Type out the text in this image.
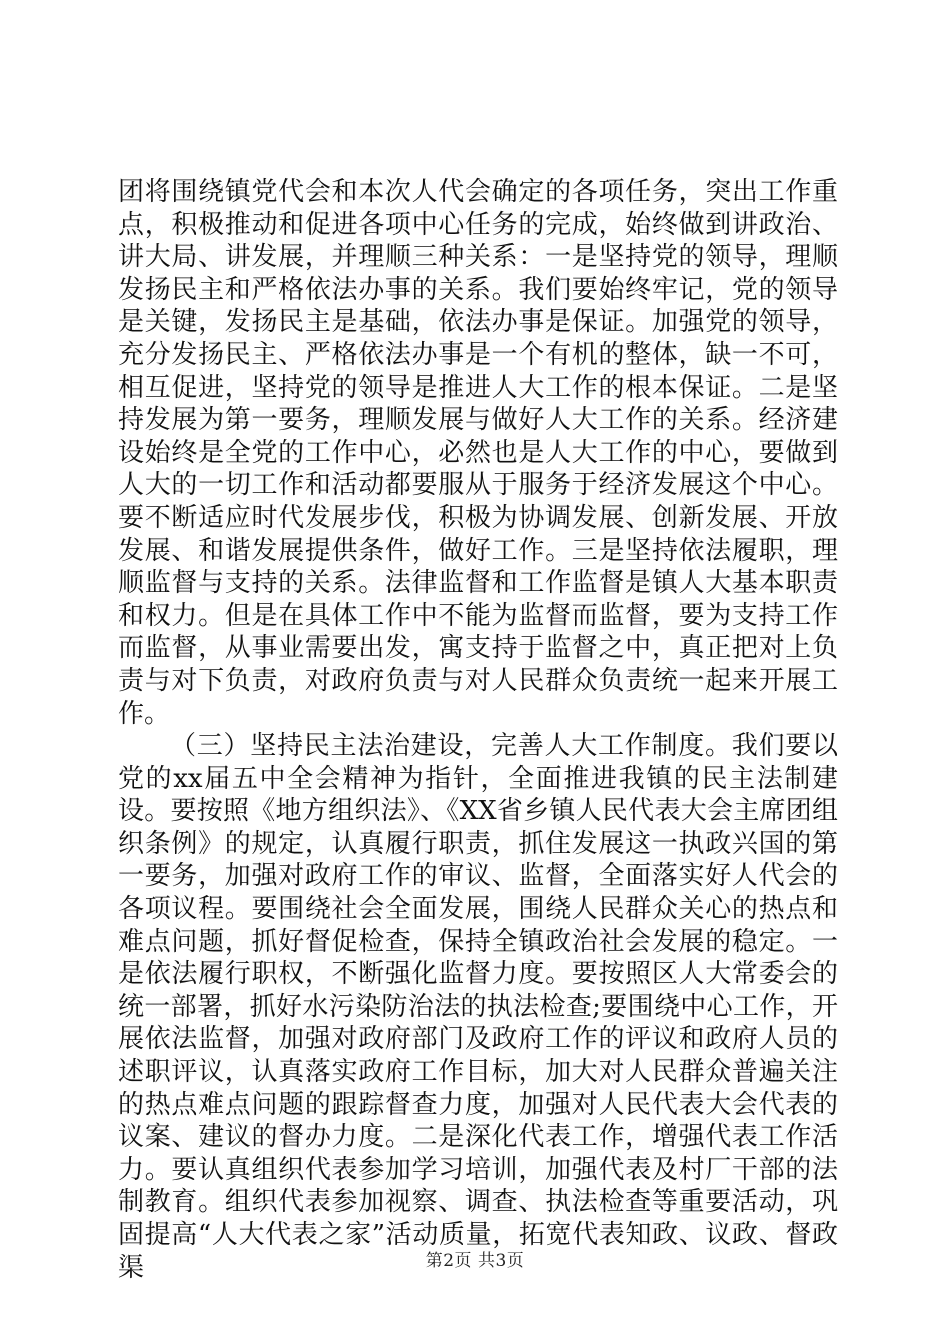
团将围绕镇党代会和本次人代会确定的各项任务，突出工作重点，积极推动和促进各项中心任务的完成，始终做到讲政治、讲大局、讲发展，并理顺三种关系：一是坚持党的领导，理顺发扬民主和严格依法办事的关系。我们要始终牢记，党的领导是关键，发扬民主是基础，依法办事是保证。加强党的领导，充分发扬民主、严格依法办事是一个有机的整体，缺一不可，相互促进，坚持党的领导是推进人大工作的根本保证。二是坚持发展为第一要务，理顺发展与做好人大工作的关系。经济建设始终是全党的工作中心，必然也是人大工作的中心，要做到人大的一切工作和活动都要服从于服务于经济发展这个中心。要不断适应时代发展步伐，积极为协调发展、创新发展、开放发展、和谐发展提供条件，做好工作。三是坚持依法履职，理顺监督与支持的关系。法律监督和工作监督是镇人大基本职责和权力。但是在具体工作中不能为监督而监督，要为支持工作而监督，从事业需要出发，寓支持于监督之中，真正把对上负责与对下负责，对政府负责与对人民群众负责统一起来开展工作。

（三）坚持民主法治建设，完善人大工作制度。我们要以党的xx届五中全会精神为指针，全面推进我镇的民主法制建设。要按照《地方组织法》、《XX省乡镇人民代表大会主席团组织条例》的规定，认真履行职责，抓住发展这一执政兴国的第一要务，加强对政府工作的审议、监督，全面落实好人代会的各项议程。要围绕社会全面发展，围绕人民群众关心的热点和难点问题，抓好督促检查，保持全镇政治社会发展的稳定。一是依法履行职权，不断强化监督力度。要按照区人大常委会的统一部署，抓好水污染防治法的执法检查;要围绕中心工作，开展依法监督，加强对政府部门及政府工作的评议和政府人员的述职评议，认真落实政府工作目标，加大对人民群众普遍关注的热点难点问题的跟踪督查力度，加强对人民代表大会代表的议案、建议的督办力度。二是深化代表工作，增强代表工作活力。要认真组织代表参加学习培训，加强代表及村厂干部的法制教育。组织代表参加视察、调查、执法检查等重要活动，巩固提高“人大代表之家”活动质量，拓宽代表知政、议政、督政渠	第2页 共3页
